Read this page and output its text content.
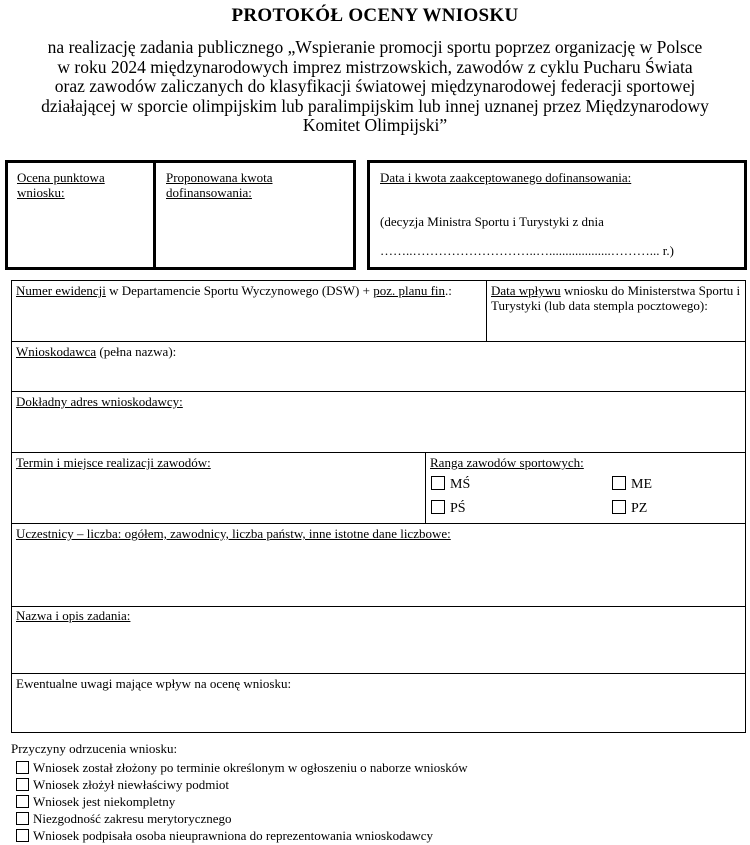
PROTOKÓŁ OCENY WNIOSKU
na realizację zadania publicznego „Wspieranie promocji sportu poprzez organizację w Polsce
w roku 2024 międzynarodowych imprez mistrzowskich, zawodów z cyklu Pucharu Świata
oraz zawodów zaliczanych do klasyfikacji światowej międzynarodowej federacji sportowej
działającej w sporcie olimpijskim lub paralimpijskim lub innej uznanej przez Międzynarodowy
Komitet Olimpijski”
Ocena punktowa
wniosku:
Proponowana kwota
dofinansowania:
Data i kwota zaakceptowanego dofinansowania:
(decyzja Ministra Sportu i Turystyki z dnia
……..………………………..…...................………... r.)
Numer ewidencji w Departamencie Sportu Wyczynowego (DSW) + poz. planu fin.:	Data wpływu wniosku do Ministerstwa Sportu i Turystyki (lub data stempla pocztowego):
Wnioskodawca (pełna nazwa):
Dokładny adres wnioskodawcy:
Termin i miejsce realizacji zawodów:	Ranga zawodów sportowych:
MŚ	ME
PŚ	PZ
Uczestnicy – liczba: ogółem, zawodnicy, liczba państw, inne istotne dane liczbowe:
Nazwa i opis zadania:
Ewentualne uwagi mające wpływ na ocenę wniosku:
Przyczyny odrzucenia wniosku:
Wniosek został złożony po terminie określonym w ogłoszeniu o naborze wniosków
Wniosek złożył niewłaściwy podmiot
Wniosek jest niekompletny
Niezgodność zakresu merytorycznego
Wniosek podpisała osoba nieuprawniona do reprezentowania wnioskodawcy
